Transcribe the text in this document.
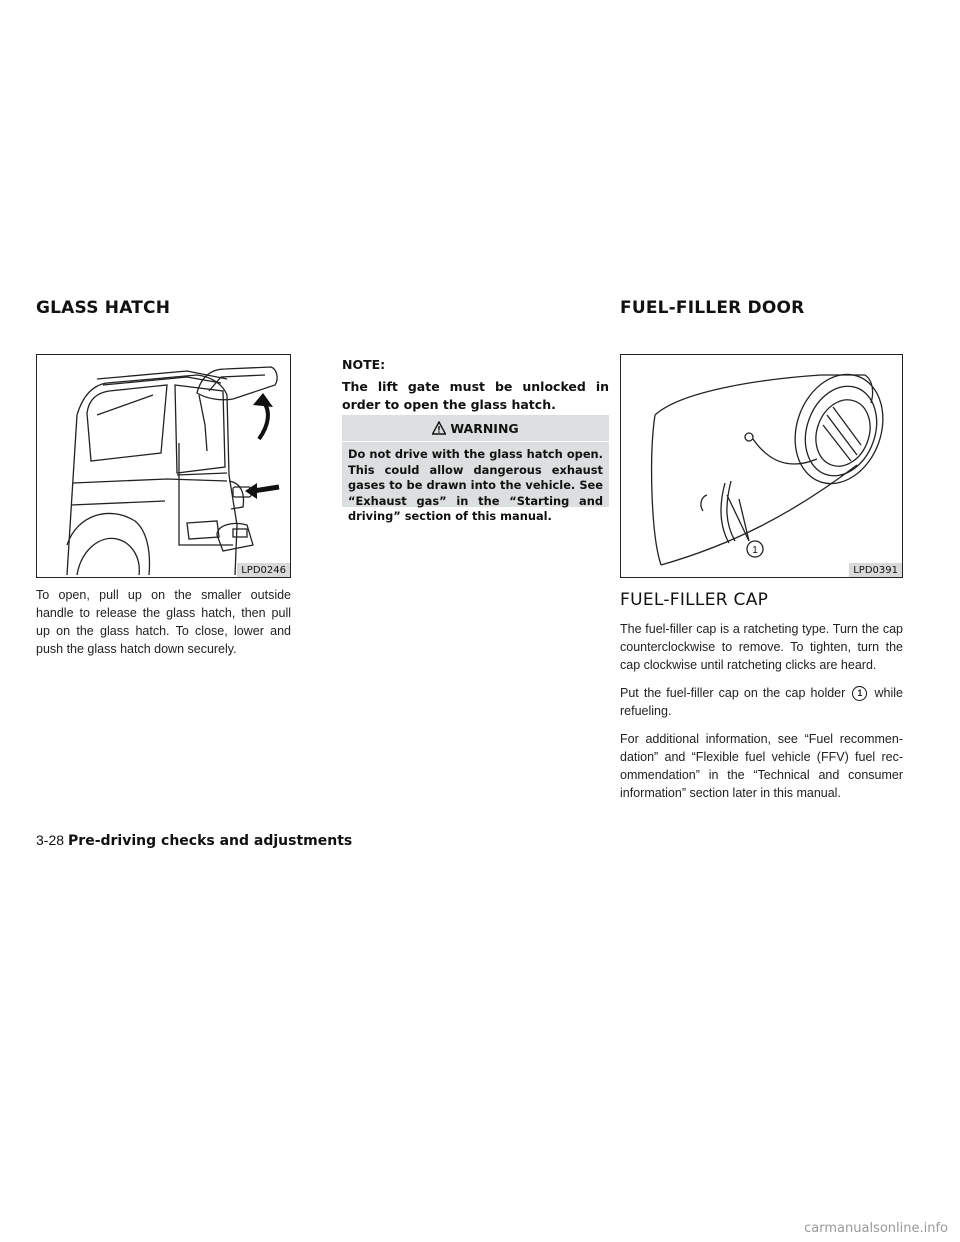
GLASS HATCH	FUEL-FILLER DOOR
LPD0246
To open, pull up on the smaller outside handle to release the glass hatch, then pull up on the glass hatch. To close, lower and push the glass hatch down securely.
NOTE:
The lift gate must be unlocked in order to open the glass hatch.
WARNING
Do not drive with the glass hatch open. This could allow dangerous exhaust gases to be drawn into the vehicle. See “Exhaust gas” in the “Starting and driving” section of this manual.
1
LPD0391
FUEL-FILLER CAP
The fuel-filler cap is a ratcheting type. Turn the cap counterclockwise to remove. To tighten, turn the cap clockwise until ratcheting clicks are heard.
Put the fuel-filler cap on the cap holder 1 while refueling.
For additional information, see “Fuel recommen-dation” and “Flexible fuel vehicle (FFV) fuel rec-ommendation” in the “Technical and consumer information” section later in this manual.
3-28 Pre-driving checks and adjustments
carmanualsonline.info
